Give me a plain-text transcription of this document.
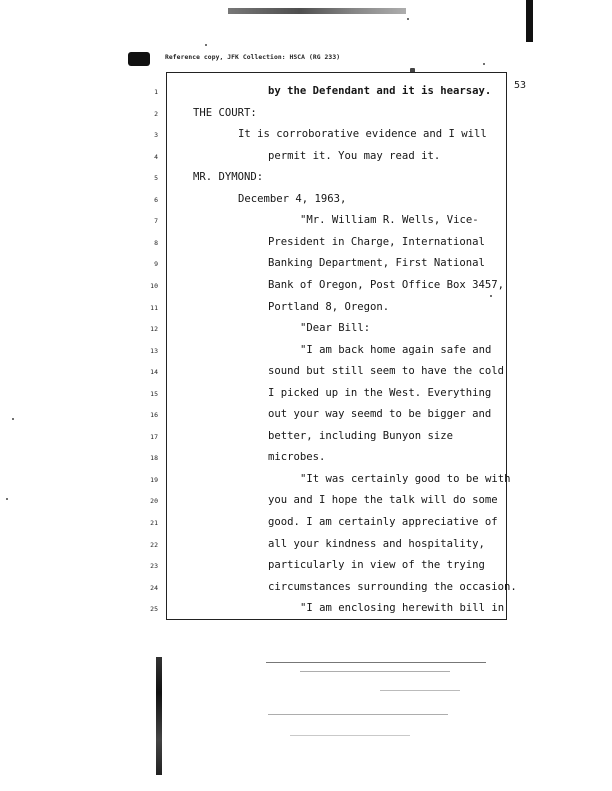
Reference copy, JFK Collection: HSCA (RG 233)
53
1	by the Defendant and it is hearsay.
2	THE COURT:
3	It is corroborative evidence and I will
4	permit it. You may read it.
5	MR. DYMOND:
6	December 4, 1963,
7	"Mr. William R. Wells, Vice-
8	President in Charge, International
9	Banking Department, First National
10	Bank of Oregon, Post Office Box 3457,
11	Portland 8, Oregon.
12	"Dear Bill:
13	"I am back home again safe and
14	sound but still seem to have the cold
15	I picked up in the West. Everything
16	out your way seemd to be bigger and
17	better, including Bunyon size
18	microbes.
19	"It was certainly good to be with
20	you and I hope the talk will do some
21	good. I am certainly appreciative of
22	all your kindness and hospitality,
23	particularly in view of the trying
24	circumstances surrounding the occasion.
25	"I am enclosing herewith bill in
